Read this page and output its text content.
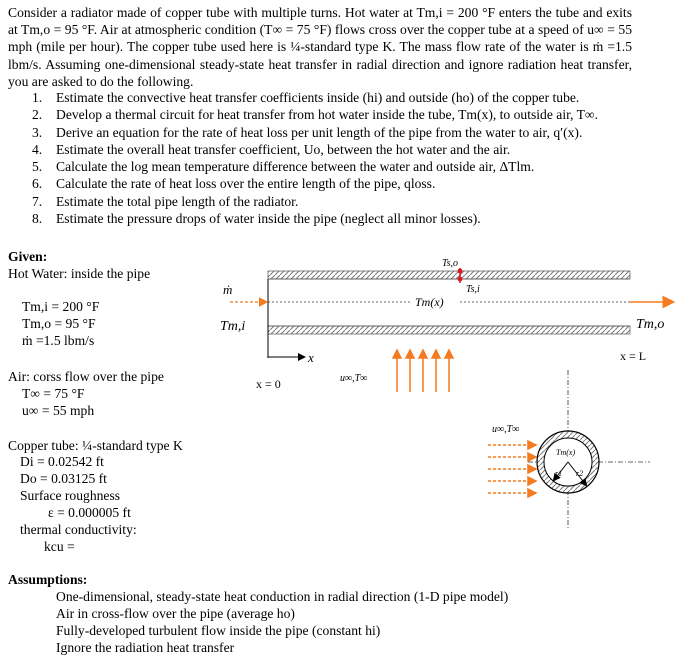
Consider a radiator made of copper tube with multiple turns. Hot water at Tm,i = 200 °F enters the tube and exits at Tm,o = 95 °F. Air at atmospheric condition (T∞ = 75 °F) flows cross over the copper tube at a speed of u∞ = 55 mph (mile per hour). The copper tube used here is ¼-standard type K. The mass flow rate of the water is ṁ =1.5 lbm/s. Assuming one-dimensional steady-state heat transfer in radial direction and ignore radiation heat transfer, you are asked to do the following.
1. Estimate the convective heat transfer coefficients inside (hi) and outside (ho) of the copper tube.
2. Develop a thermal circuit for heat transfer from hot water inside the tube, Tm(x), to outside air, T∞.
3. Derive an equation for the rate of heat loss per unit length of the pipe from the water to air, q′(x).
4. Estimate the overall heat transfer coefficient, Uo, between the hot water and the air.
5. Calculate the log mean temperature difference between the water and outside air, ΔTlm.
6. Calculate the rate of heat loss over the entire length of the pipe, qloss.
7. Estimate the total pipe length of the radiator.
8. Estimate the pressure drops of water inside the pipe (neglect all minor losses).
Given:
Hot Water: inside the pipe
Tm,i = 200 °F
Tm,o = 95 °F
ṁ =1.5 lbm/s
Air: corss flow over the pipe
T∞ = 75 °F
u∞ = 55 mph
Copper tube: ¼-standard type K
Di = 0.02542 ft
Do = 0.03125 ft
Surface roughness
ε = 0.000005 ft
thermal conductivity:
kcu =
x
x = 0
x = L
ṁ
Tm,i	Tm,o
Tm(x)
Ts,o
Ts,i
u∞,T∞
u∞,T∞
Tm(x)
r1 r2
Assumptions:
One-dimensional, steady-state heat conduction in radial direction (1-D pipe model)
Air in cross-flow over the pipe (average ho)
Fully-developed turbulent flow inside the pipe (constant hi)
Ignore the radiation heat transfer
